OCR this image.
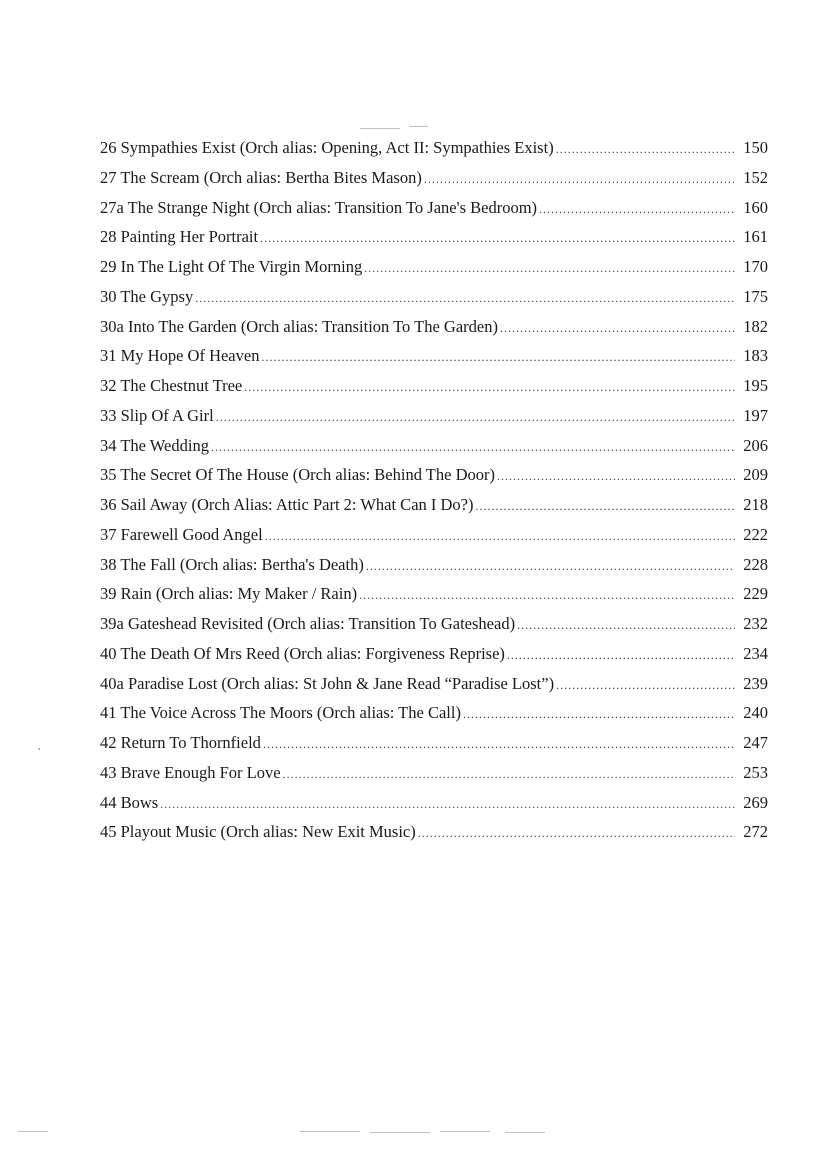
26 Sympathies Exist (Orch alias: Opening, Act II: Sympathies Exist) .....	150
27 The Scream (Orch alias: Bertha Bites Mason) .....	152
27a The Strange Night (Orch alias: Transition To Jane's Bedroom) .....	160
28 Painting Her Portrait .....	161
29 In The Light Of The Virgin Morning .....	170
30 The Gypsy .....	175
30a Into The Garden (Orch alias: Transition To The Garden) .....	182
31 My Hope Of Heaven .....	183
32 The Chestnut Tree .....	195
33 Slip Of A Girl .....	197
34 The Wedding .....	206
35 The Secret Of The House (Orch alias: Behind The Door) .....	209
36 Sail Away (Orch Alias: Attic Part 2: What Can I Do?) .....	218
37 Farewell Good Angel .....	222
38 The Fall (Orch alias: Bertha's Death) .....	228
39 Rain (Orch alias: My Maker / Rain) .....	229
39a Gateshead Revisited (Orch alias: Transition To Gateshead) .....	232
40 The Death Of Mrs Reed (Orch alias: Forgiveness Reprise) .....	234
40a Paradise Lost (Orch alias: St John & Jane Read “Paradise Lost”) .....	239
41 The Voice Across The Moors (Orch alias: The Call) .....	240
42 Return To Thornfield .....	247
43 Brave Enough For Love .....	253
44 Bows .....	269
45 Playout Music (Orch alias: New Exit Music) .....	272
